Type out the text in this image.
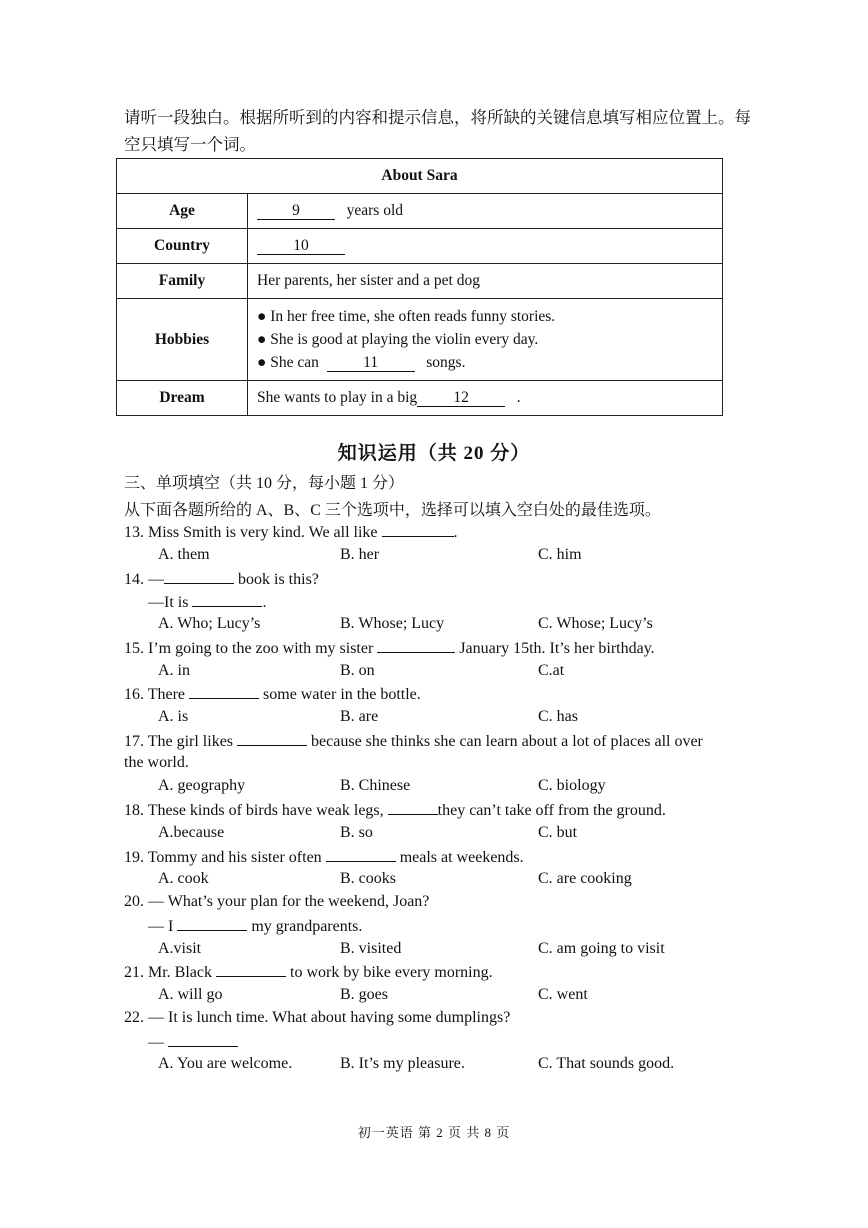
请听一段独白。根据所听到的内容和提示信息，将所缺的关键信息填写相应位置上。每空只填写一个词。
About Sara	
Age	9 years old
Country	10
Family	Her parents, her sister and a pet dog
Hobbies	● In her free time, she often reads funny stories.
● She is good at playing the violin every day.
● She can 11 songs.

Dream	She wants to play in a big 12 .
知识运用（共 20 分）
三、单项填空（共 10 分，每小题 1 分）
从下面各题所给的 A、B、C 三个选项中，选择可以填入空白处的最佳选项。
13. Miss Smith is very kind. We all like	.
A. them	B. her	C. him
14. —	book is this?
—It is	.
A. Who; Lucy’s	B. Whose; Lucy	C. Whose; Lucy’s
15. I’m going to the zoo with my sister	January 15th. It’s her birthday.
A. in	B. on	C.at
16. There	some water in the bottle.
A. is	B. are	C. has
17. The girl likes	because she thinks she can learn about a lot of places all over
the world.
A. geography	B. Chinese	C. biology
18. These kinds of birds have weak legs,	they can’t take off from the ground.
A.because	B. so	C. but
19. Tommy and his sister often	meals at weekends.
A. cook	B. cooks	C. are cooking
20. — What’s your plan for the weekend, Joan?
— I	my grandparents.
A.visit	B. visited	C. am going to visit
21. Mr. Black	to work by bike every morning.
A. will go	B. goes	C. went
22. — It is lunch time. What about having some dumplings?
—
A. You are welcome.	B. It’s my pleasure.	C. That sounds good.
初一英语 第 2 页 共 8 页
